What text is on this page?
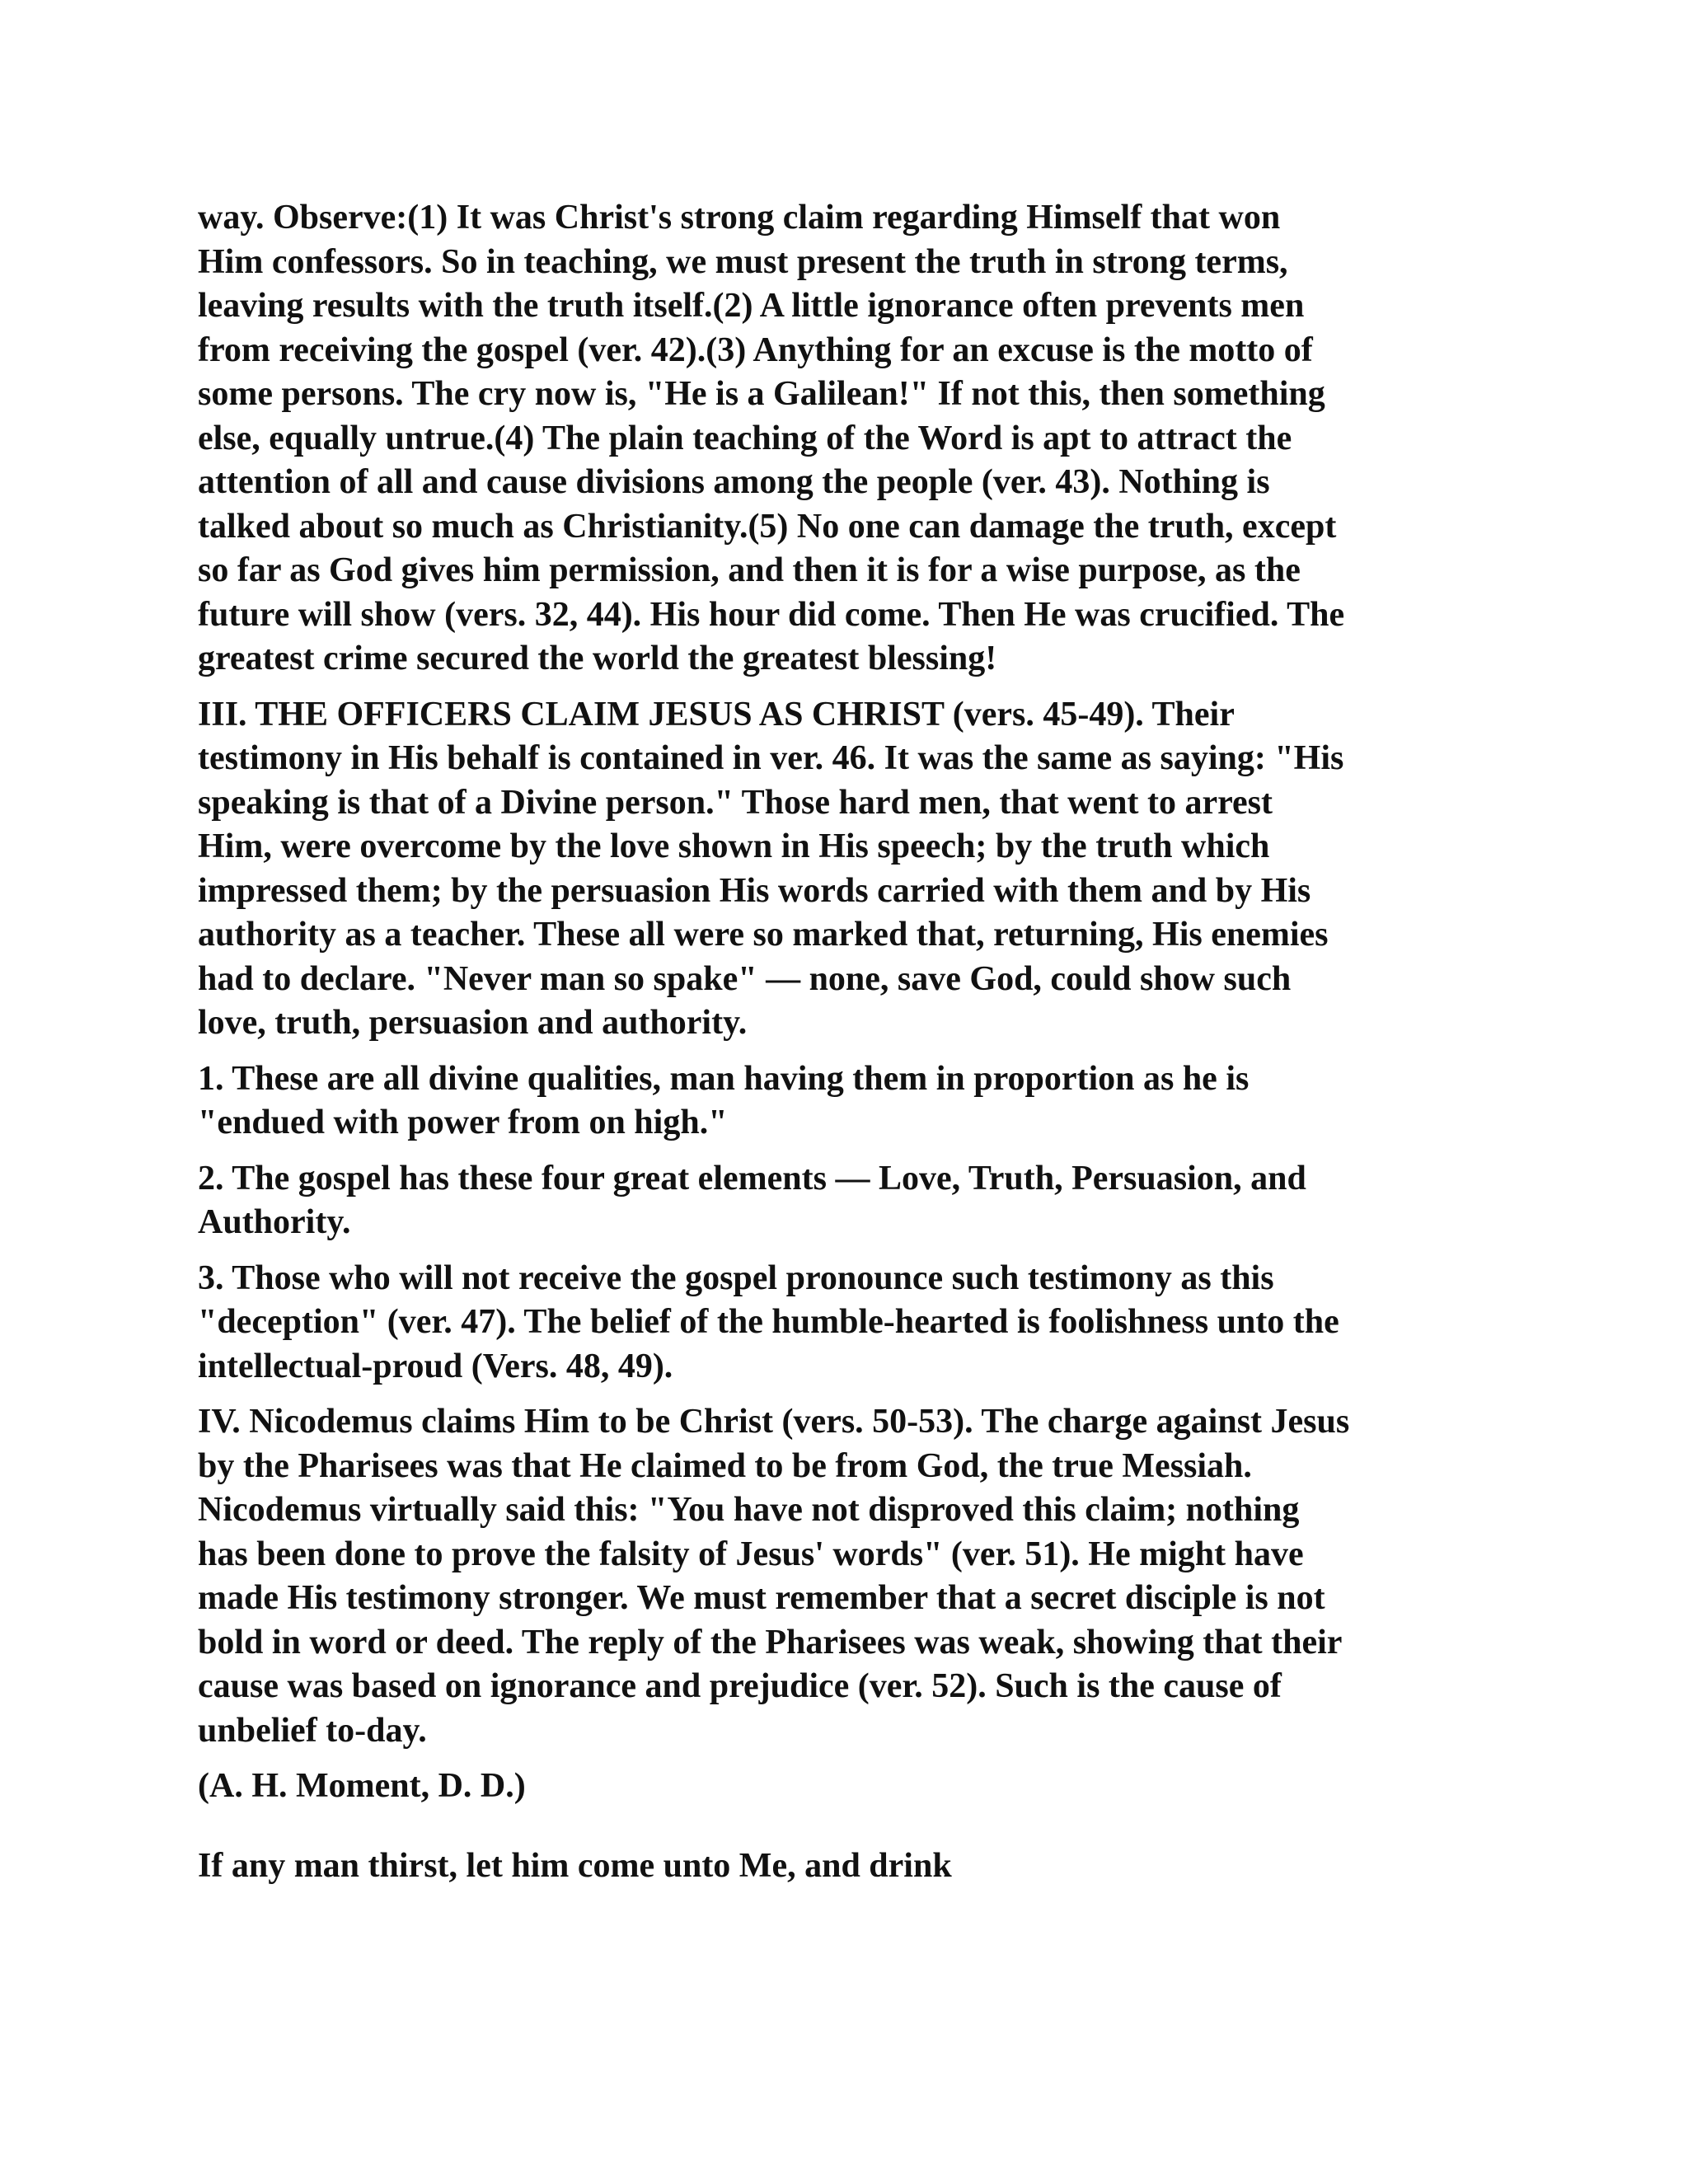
way. Observe:(1) It was Christ's strong claim regarding Himself that won
Him confessors. So in teaching, we must present the truth in strong terms,
leaving results with the truth itself.(2) A little ignorance often prevents men
from receiving the gospel (ver. 42).(3) Anything for an excuse is the motto of
some persons. The cry now is, "He is a Galilean!" If not this, then something
else, equally untrue.(4) The plain teaching of the Word is apt to attract the
attention of all and cause divisions among the people (ver. 43). Nothing is
talked about so much as Christianity.(5) No one can damage the truth, except
so far as God gives him permission, and then it is for a wise purpose, as the
future will show (vers. 32, 44). His hour did come. Then He was crucified. The
greatest crime secured the world the greatest blessing!
III. THE OFFICERS CLAIM JESUS AS CHRIST (vers. 45-49). Their
testimony in His behalf is contained in ver. 46. It was the same as saying: "His
speaking is that of a Divine person." Those hard men, that went to arrest
Him, were overcome by the love shown in His speech; by the truth which
impressed them; by the persuasion His words carried with them and by His
authority as a teacher. These all were so marked that, returning, His enemies
had to declare. "Never man so spake" — none, save God, could show such
love, truth, persuasion and authority.
1. These are all divine qualities, man having them in proportion as he is
"endued with power from on high."
2. The gospel has these four great elements — Love, Truth, Persuasion, and
Authority.
3. Those who will not receive the gospel pronounce such testimony as this
"deception" (ver. 47). The belief of the humble-hearted is foolishness unto the
intellectual-proud (Vers. 48, 49).
IV. Nicodemus claims Him to be Christ (vers. 50-53). The charge against Jesus
by the Pharisees was that He claimed to be from God, the true Messiah.
Nicodemus virtually said this: "You have not disproved this claim; nothing
has been done to prove the falsity of Jesus' words" (ver. 51). He might have
made His testimony stronger. We must remember that a secret disciple is not
bold in word or deed. The reply of the Pharisees was weak, showing that their
cause was based on ignorance and prejudice (ver. 52). Such is the cause of
unbelief to-day.
(A. H. Moment, D. D.)
If any man thirst, let him come unto Me, and drink
